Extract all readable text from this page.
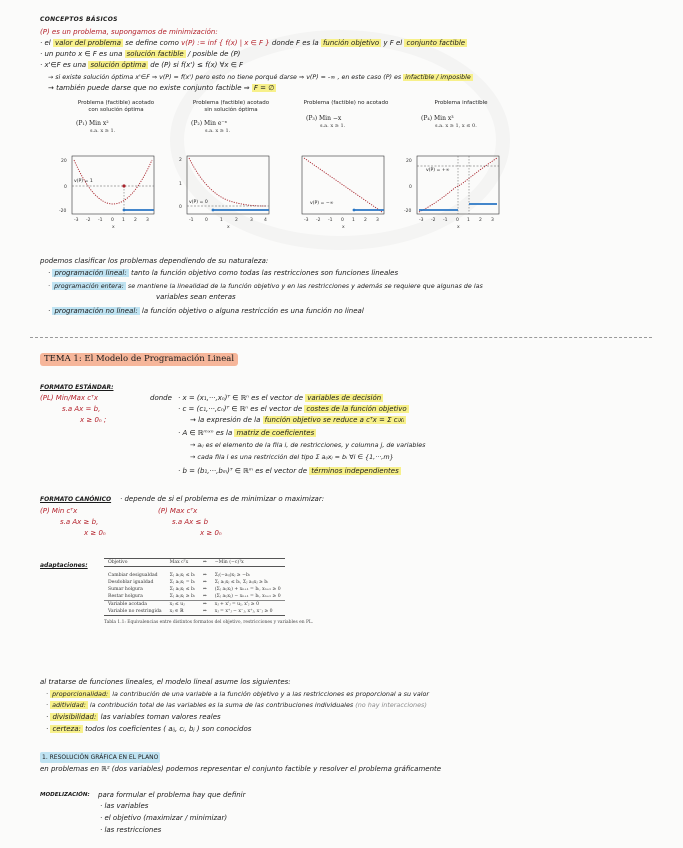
CONCEPTOS BÁSICOS
(P) es un problema, supongamos de minimización:
· el valor del problema se define como v(P) := inf { f(x) | x ∈ F } donde F es la función objetivo y F el conjunto factible
· un punto x ∈ F es una solución factible / posible de (P)
· x'∈F es una solución óptima de (P) si f(x') ≤ f(x) ∀x ∈ F
→ si existe solución óptima x'∈F ⇒ v(P) = f(x') pero esto no tiene porqué darse ⇒ v(P) = -∞ , en este caso (P) es infactible / imposible
→ también puede darse que no existe conjunto factible ⇒ F = ∅
Problema (factible) acotado con solución óptima
(P₁) Min x²
s.a. x ≥ 1.
v(P) = 1
20
0
-20
-3 -2 -1 0 1 2 3
x
Problema (factible) acotado sin solución óptima
(P₂) Min e⁻ˣ
s.a. x ≥ 1.
v(P) = 0
2
1
0
-1	0	1	2	3 4
x
Problema (factible) no acotado
(P₃) Min −x
s.a. x ≥ 1.
v(P) = −∞
-3 -2 -1 0 1 2 3
x
Problema infactible
(P₄) Min x³
s.a. x ≥ 1, x ≤ 0.
v(P) = +∞
20
0
-20
-3 -2 -1 0 1 2 3
x
podemos clasificar los problemas dependiendo de su naturaleza:
· programación lineal: tanto la función objetivo como todas las restricciones son funciones lineales
· programación entera: se mantiene la linealidad de la función objetivo y en las restricciones y además se requiere que algunas de las
variables sean enteras
· programación no lineal: la función objetivo o alguna restricción es una función no lineal
TEMA 1: El Modelo de Programación Lineal
FORMATO ESTÁNDAR:
(PL) Min/Max cᵀx
s.a Ax = b,
x ≥ 0ₙ ;
donde · x = (x₁,···,xₙ)ᵀ ∈ ℝⁿ es el vector de variables de decisión
· c = (c₁,···,cₙ)ᵀ ∈ ℝⁿ es el vector de costes de la función objetivo
→ la expresión de la función objetivo se reduce a cᵀx = Σ cᵢxᵢ
· A ∈ ℝᵐˣⁿ es la matriz de coeficientes
→ aᵢⱼ es el elemento de la fila i, de restricciones, y columna j, de variables
→ cada fila i es una restricción del tipo Σ aᵢⱼxⱼ = bᵢ ∀i ∈ {1,···,m}
· b = (b₁,···,bₘ)ᵀ ∈ ℝᵐ es el vector de términos independientes
FORMATO CANÓNICO · depende de si el problema es de minimizar o maximizar:
(P) Min cᵀx
s.a Ax ≥ b,
x ≥ 0ₙ
(P) Max cᵀx
s.a Ax ≤ b
x ≥ 0ₙ
adaptaciones:	Objetivo	Max cᵀx	⇔	−Min (−c)ᵀx

Cambiar desigualdad	Σⱼ aᵢⱼxⱼ ≤ bᵢ	⇔	Σⱼ(−aᵢⱼ)xⱼ ≥ −bᵢ
Desdoblar igualdad	Σⱼ aᵢⱼxⱼ = bᵢ	⇔	Σⱼ aᵢⱼxⱼ ≤ bᵢ, Σⱼ aᵢⱼxⱼ ≥ bᵢ
Sumar holgura	Σⱼ aᵢⱼxⱼ ≤ bᵢ	⇔	(Σⱼ aᵢⱼxⱼ) + xₙ₊₁ = bᵢ, xₙ₊₁ ≥ 0
Restar holgura	Σⱼ aᵢⱼxⱼ ≥ bᵢ	⇔	(Σⱼ aᵢⱼxⱼ) − xₙ₊₁ = bᵢ, xₙ₊₁ ≥ 0
Variable acotada	xⱼ ≤ uⱼ	⇔	xⱼ + x'ⱼ = uⱼ, x'ⱼ ≥ 0
Variable no restringida	xⱼ ∈ ℝ	⇔	xⱼ = x⁺ⱼ − x⁻ⱼ, x⁺ⱼ, x⁻ⱼ ≥ 0
Tabla 1.1: Equivalencias entre distintos formatos del objetivo, restricciones y variables en PL.
al tratarse de funciones lineales, el modelo lineal asume los siguientes:
· proporcionalidad: la contribución de una variable a la función objetivo y a las restricciones es proporcional a su valor
· aditividad: la contribución total de las variables es la suma de las contribuciones individuales (no hay interacciones)
· divisibilidad: las variables toman valores reales
· certeza: todos los coeficientes ( aᵢⱼ, cᵢ, bⱼ ) son conocidos
1. RESOLUCIÓN GRÁFICA EN EL PLANO
en problemas en ℝ² (dos variables) podemos representar el conjunto factible y resolver el problema gráficamente
MODELIZACIÓN: para formular el problema hay que definir
· las variables
· el objetivo (maximizar / minimizar)
· las restricciones
